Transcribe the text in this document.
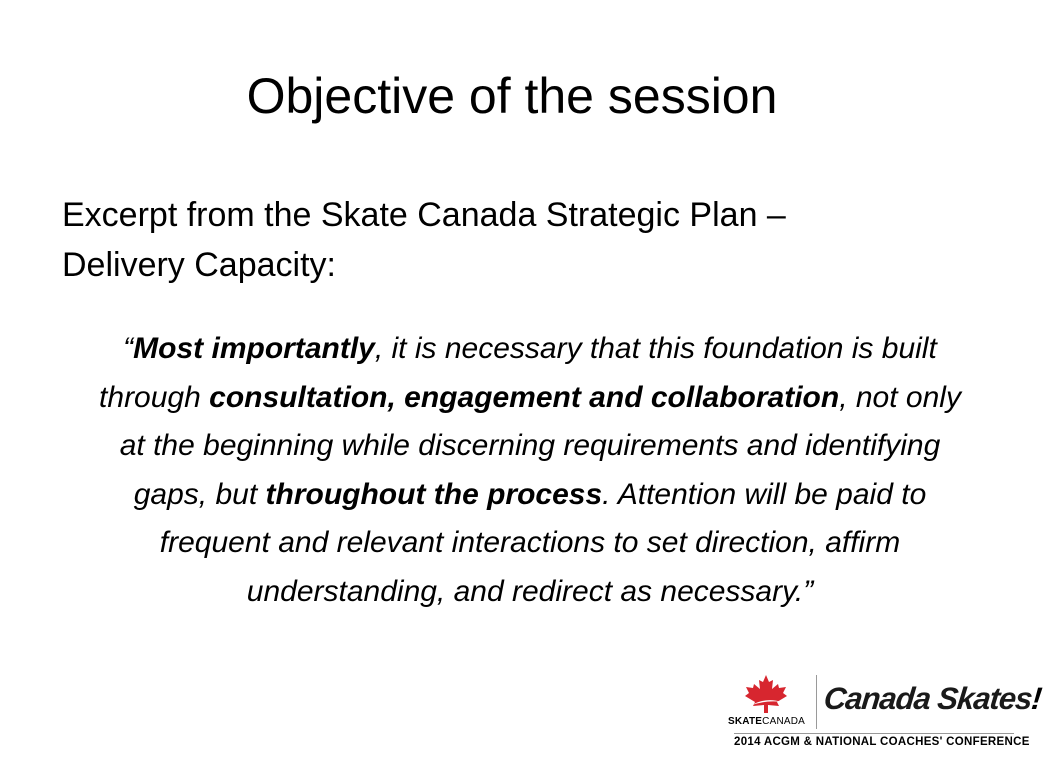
Objective of the session
Excerpt from the Skate Canada Strategic Plan –
Delivery Capacity:
“Most importantly, it is necessary that this foundation is built through consultation, engagement and collaboration, not only at the beginning while discerning requirements and identifying gaps, but throughout the process. Attention will be paid to frequent and relevant interactions to set direction, affirm understanding, and redirect as necessary.”
SKATECANADA
Canada Skates!
2014 ACGM & NATIONAL COACHES' CONFERENCE
